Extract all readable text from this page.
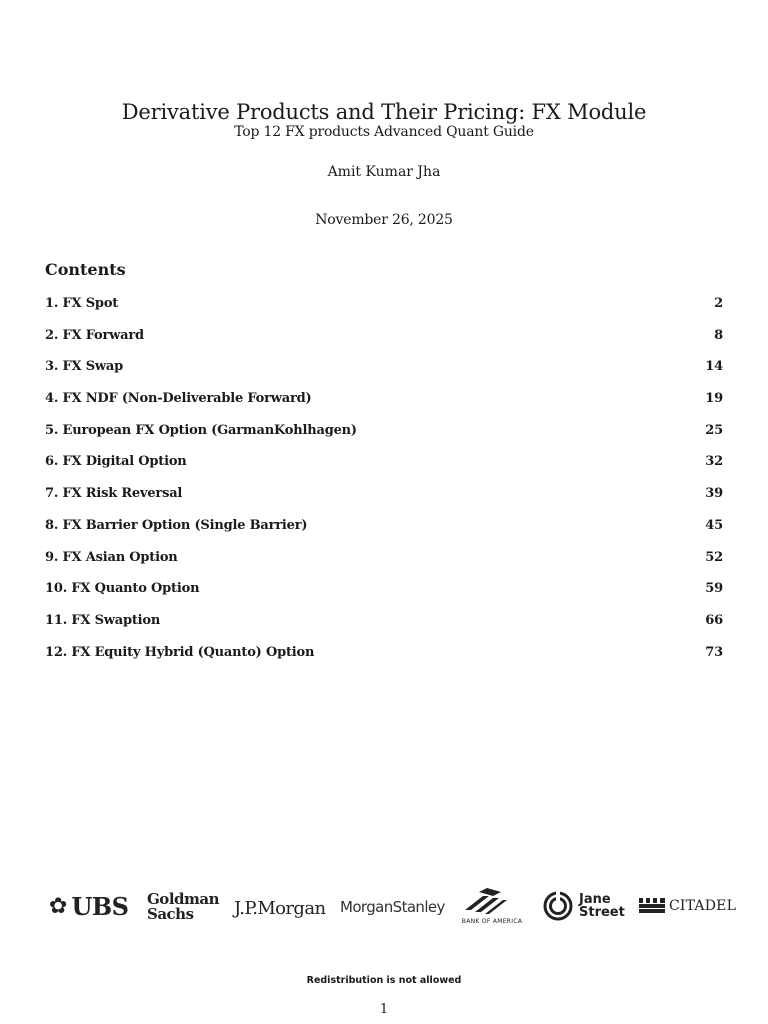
Derivative Products and Their Pricing: FX Module
Top 12 FX products Advanced Quant Guide
Amit Kumar Jha
November 26, 2025
Contents
1. FX Spot	2
2. FX Forward	8
3. FX Swap	14
4. FX NDF (Non-Deliverable Forward)	19
5. European FX Option (GarmanKohlhagen)	25
6. FX Digital Option	32
7. FX Risk Reversal	39
8. FX Barrier Option (Single Barrier)	45
9. FX Asian Option	52
10. FX Quanto Option	59
11. FX Swaption	66
12. FX Equity Hybrid (Quanto) Option	73
✿ UBS Goldman
Sachs	J.P.Morgan MorganStanley
BANK OF AMERICA
Jane
Street	CITADEL
Redistribution is not allowed
1
